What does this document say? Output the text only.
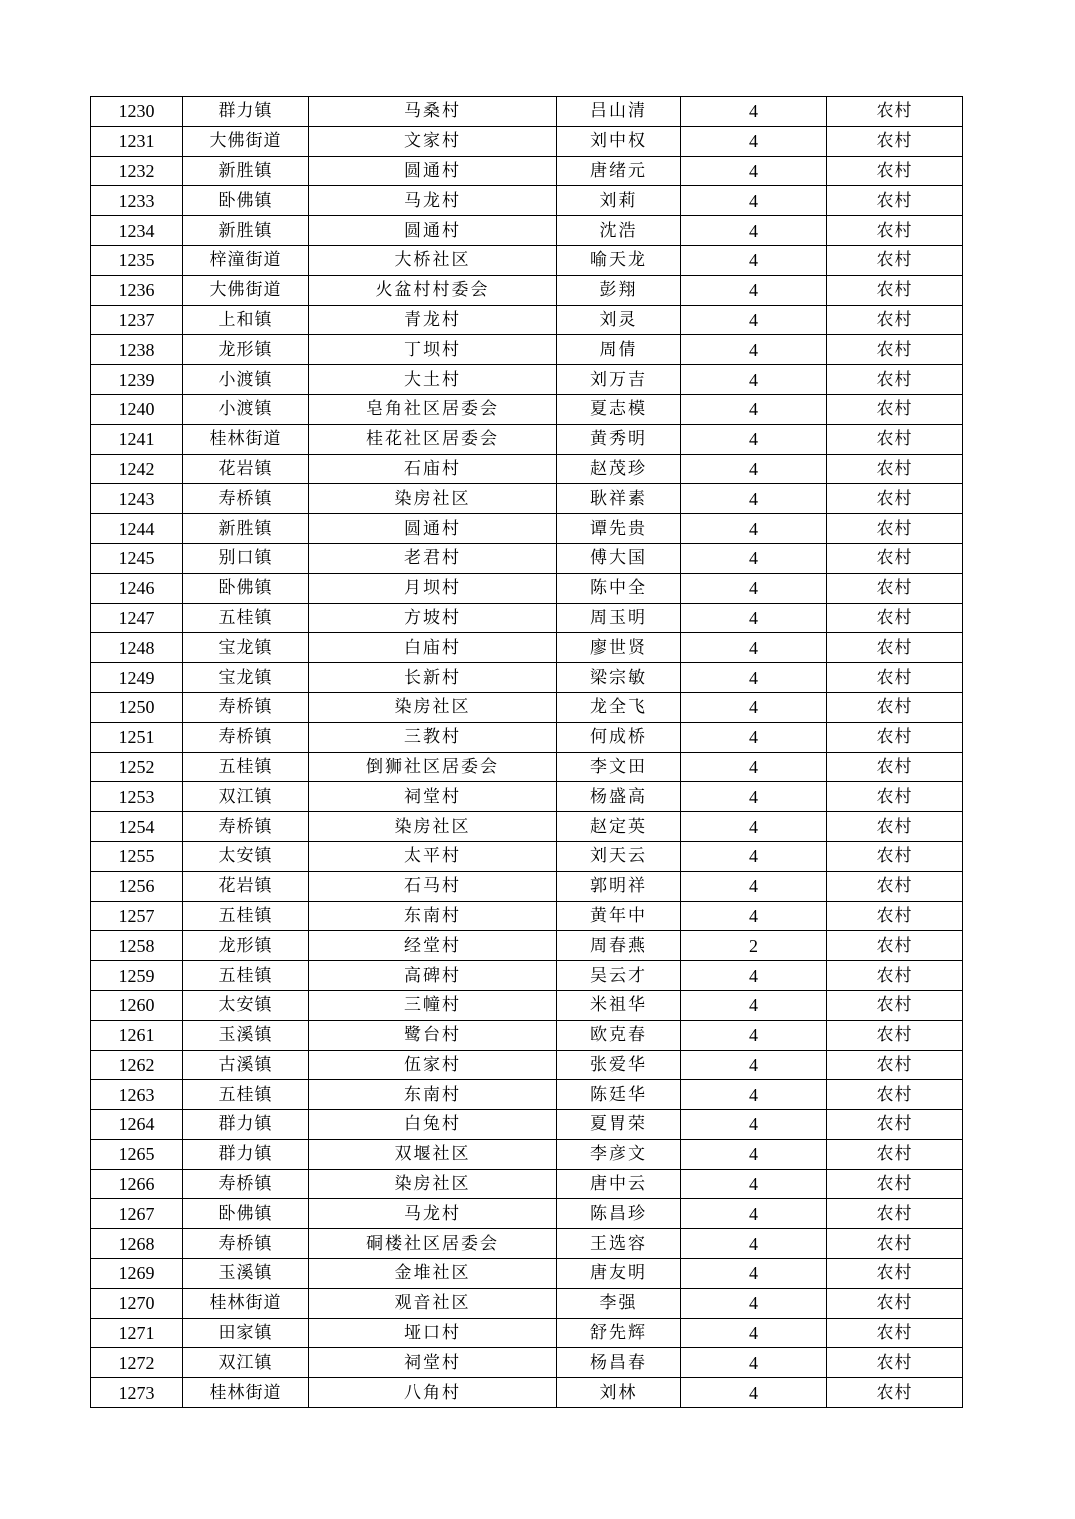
1230	群力镇	马桑村	吕山清	4	农村
1231	大佛街道	文家村	刘中权	4	农村
1232	新胜镇	圆通村	唐绪元	4	农村
1233	卧佛镇	马龙村	刘莉	4	农村
1234	新胜镇	圆通村	沈浩	4	农村
1235	梓潼街道	大桥社区	喻天龙	4	农村
1236	大佛街道	火盆村村委会	彭翔	4	农村
1237	上和镇	青龙村	刘灵	4	农村
1238	龙形镇	丁坝村	周倩	4	农村
1239	小渡镇	大土村	刘万吉	4	农村
1240	小渡镇	皂角社区居委会	夏志模	4	农村
1241	桂林街道	桂花社区居委会	黄秀明	4	农村
1242	花岩镇	石庙村	赵茂珍	4	农村
1243	寿桥镇	染房社区	耿祥素	4	农村
1244	新胜镇	圆通村	谭先贵	4	农村
1245	别口镇	老君村	傅大国	4	农村
1246	卧佛镇	月坝村	陈中全	4	农村
1247	五桂镇	方坡村	周玉明	4	农村
1248	宝龙镇	白庙村	廖世贤	4	农村
1249	宝龙镇	长新村	梁宗敏	4	农村
1250	寿桥镇	染房社区	龙全飞	4	农村
1251	寿桥镇	三教村	何成桥	4	农村
1252	五桂镇	倒狮社区居委会	李文田	4	农村
1253	双江镇	祠堂村	杨盛高	4	农村
1254	寿桥镇	染房社区	赵定英	4	农村
1255	太安镇	太平村	刘天云	4	农村
1256	花岩镇	石马村	郭明祥	4	农村
1257	五桂镇	东南村	黄年中	4	农村
1258	龙形镇	经堂村	周春燕	2	农村
1259	五桂镇	高碑村	吴云才	4	农村
1260	太安镇	三幢村	米祖华	4	农村
1261	玉溪镇	鹭台村	欧克春	4	农村
1262	古溪镇	伍家村	张爱华	4	农村
1263	五桂镇	东南村	陈廷华	4	农村
1264	群力镇	白兔村	夏胃荣	4	农村
1265	群力镇	双堰社区	李彦文	4	农村
1266	寿桥镇	染房社区	唐中云	4	农村
1267	卧佛镇	马龙村	陈昌珍	4	农村
1268	寿桥镇	硐楼社区居委会	王选容	4	农村
1269	玉溪镇	金堆社区	唐友明	4	农村
1270	桂林街道	观音社区	李强	4	农村
1271	田家镇	垭口村	舒先辉	4	农村
1272	双江镇	祠堂村	杨昌春	4	农村
1273	桂林街道	八角村	刘林	4	农村
